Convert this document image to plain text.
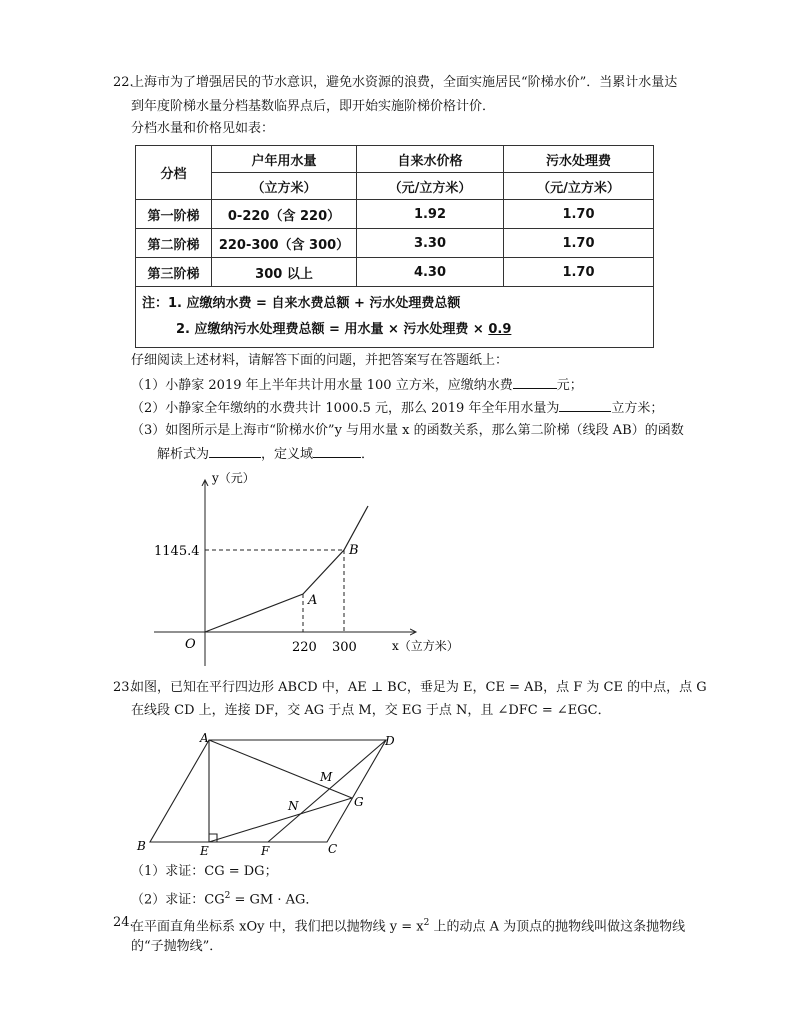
22.
上海市为了增强居民的节水意识，避免水资源的浪费，全面实施居民“阶梯水价”．当累计水量达
到年度阶梯水量分档基数临界点后，即开始实施阶梯价格计价．
分档水量和价格见如表：
分档	户年用水量	自来水价格	污水处理费
	（立方米）	（元/立方米）	（元/立方米）
第一阶梯	0-220（含 220）	1.92	1.70
第二阶梯	220-300（含 300）	3.30	1.70
第三阶梯	300 以上	4.30	1.70

注：1. 应缴纳水费 = 自来水费总额 + 污水处理费总额
2. 应缴纳污水处理费总额 = 用水量 × 污水处理费 × 0.9			
仔细阅读上述材料，请解答下面的问题，并把答案写在答题纸上：
（1）小静家 2019 年上半年共计用水量 100 立方米，应缴纳水费	元；
（2）小静家全年缴纳的水费共计 1000.5 元，那么 2019 年全年用水量为	立方米；
（3）如图所示是上海市“阶梯水价”y 与用水量 x 的函数关系，那么第二阶梯（线段 AB）的函数
解析式为	，定义域	．
y（元）
x（立方米）
O
1145.4
220 300
A
B
23.
如图，已知在平行四边形 ABCD 中，AE ⊥ BC，垂足为 E，CE = AB，点 F 为 CE 的中点，点 G
在线段 CD 上，连接 DF，交 AG 于点 M，交 EG 于点 N，且 ∠DFC = ∠EGC．
A	D
B	E	F	C
G
M
N
（1）求证：CG = DG；
（2）求证：$CG^2$ = GM · AG．
24.
在平面直角坐标系 xOy 中，我们把以抛物线 $y = x^2$ 上的动点 A 为顶点的抛物线叫做这条抛物线
的“子抛物线”．
